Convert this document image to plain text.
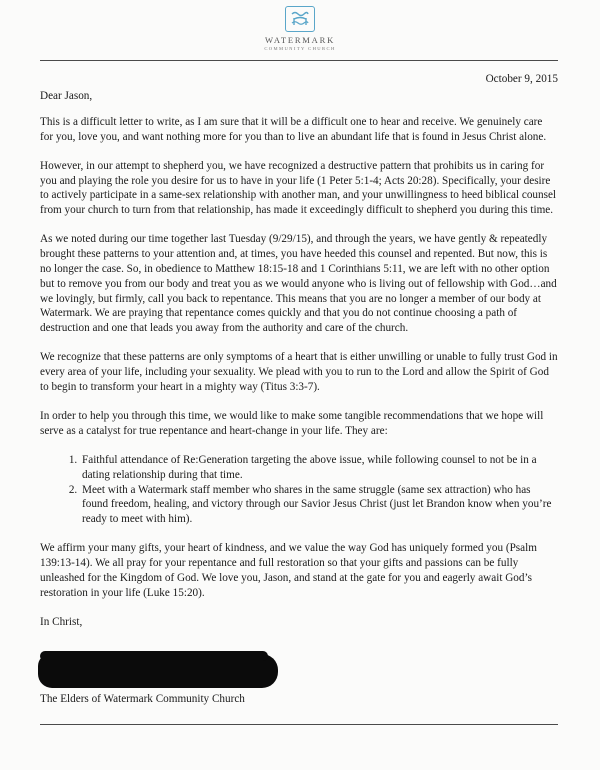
WATERMARK
COMMUNITY CHURCH
October 9, 2015

Dear Jason,

This is a difficult letter to write, as I am sure that it will be a difficult one to hear and receive. We genuinely care for you, love you, and want nothing more for you than to live an abundant life that is found in Jesus Christ alone.

However, in our attempt to shepherd you, we have recognized a destructive pattern that prohibits us in caring for you and playing the role you desire for us to have in your life (1 Peter 5:1-4; Acts 20:28). Specifically, your desire to actively participate in a same-sex relationship with another man, and your unwillingness to heed biblical counsel from your church to turn from that relationship, has made it exceedingly difficult to shepherd you during this time.

As we noted during our time together last Tuesday (9/29/15), and through the years, we have gently & repeatedly brought these patterns to your attention and, at times, you have heeded this counsel and repented. But now, this is no longer the case. So, in obedience to Matthew 18:15-18 and 1 Corinthians 5:11, we are left with no other option but to remove you from our body and treat you as we would anyone who is living out of fellowship with God…and we lovingly, but firmly, call you back to repentance. This means that you are no longer a member of our body at Watermark. We are praying that repentance comes quickly and that you do not continue choosing a path of destruction and one that leads you away from the authority and care of the church.

We recognize that these patterns are only symptoms of a heart that is either unwilling or unable to fully trust God in every area of your life, including your sexuality. We plead with you to run to the Lord and allow the Spirit of God to begin to transform your heart in a mighty way (Titus 3:3-7).

In order to help you through this time, we would like to make some tangible recommendations that we hope will serve as a catalyst for true repentance and heart-change in your life. They are:

1. Faithful attendance of Re:Generation targeting the above issue, while following counsel to not be in a dating relationship during that time.
2. Meet with a Watermark staff member who shares in the same struggle (same sex attraction) who has found freedom, healing, and victory through our Savior Jesus Christ (just let Brandon know when you’re ready to meet with him).

We affirm your many gifts, your heart of kindness, and we value the way God has uniquely formed you (Psalm 139:13-14). We all pray for your repentance and full restoration so that your gifts and passions can be fully unleashed for the Kingdom of God. We love you, Jason, and stand at the gate for you and eagerly await God’s restoration in your life (Luke 15:20).

In Christ,

The Elders of Watermark Community Church
